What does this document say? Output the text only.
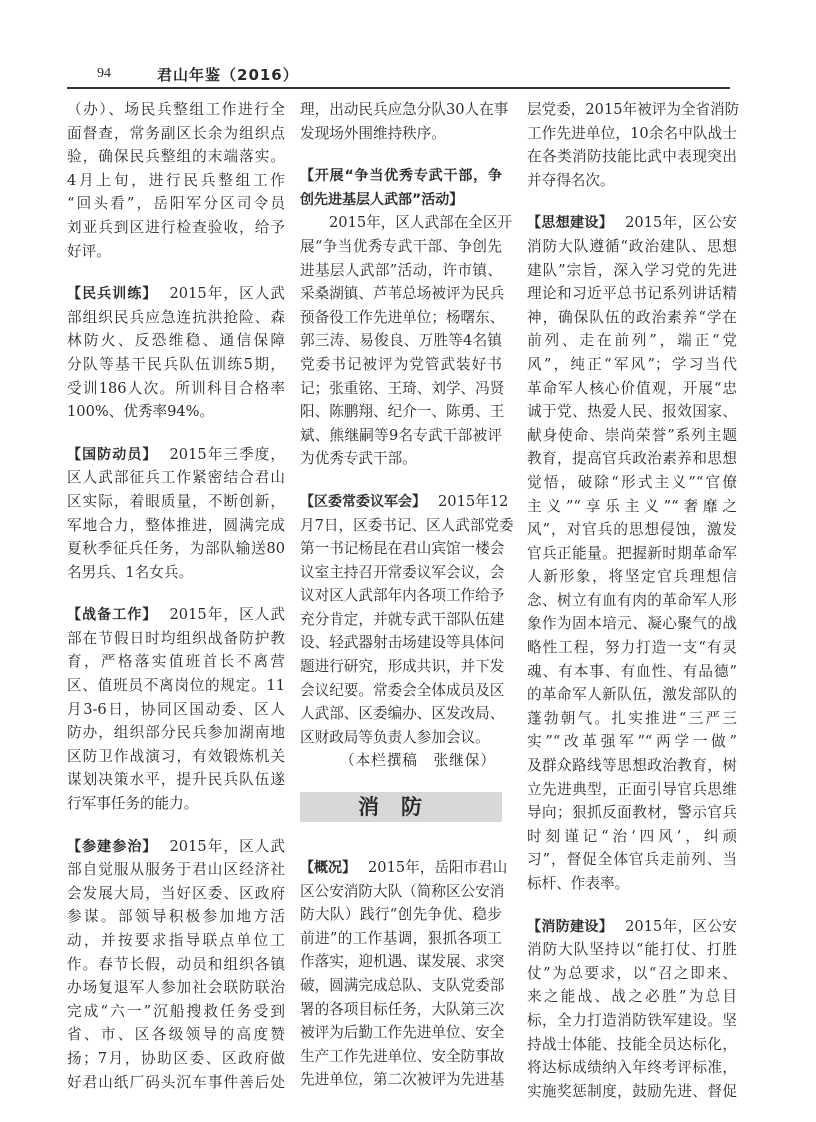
94	君山年鉴（2016）
（办）、场民兵整组工作进行全
面督查，常务副区长余为组织点
验，确保民兵整组的末端落实。
4月上旬，进行民兵整组工作
“回头看”，岳阳军分区司令员
刘亚兵到区进行检查验收，给予
好评。
【民兵训练】 2015年，区人武
部组织民兵应急连抗洪抢险、森
林防火、反恐维稳、通信保障
分队等基干民兵队伍训练5期，
受训186人次。所训科目合格率
100%、优秀率94%。
【国防动员】 2015年三季度，
区人武部征兵工作紧密结合君山
区实际，着眼质量，不断创新，
军地合力，整体推进，圆满完成
夏秋季征兵任务，为部队输送80
名男兵、1名女兵。
【战备工作】 2015年，区人武
部在节假日时均组织战备防护教
育，严格落实值班首长不离营
区、值班员不离岗位的规定。11
月3-6日，协同区国动委、区人
防办，组织部分民兵参加湖南地
区防卫作战演习，有效锻炼机关
谋划决策水平，提升民兵队伍遂
行军事任务的能力。
【参建参治】 2015年，区人武
部自觉服从服务于君山区经济社
会发展大局，当好区委、区政府
参谋。部领导积极参加地方活
动，并按要求指导联点单位工
作。春节长假，动员和组织各镇
办场复退军人参加社会联防联治
完成“六一”沉船搜救任务受到
省、市、区各级领导的高度赞
扬；7月，协助区委、区政府做
好君山纸厂码头沉车事件善后处
理，出动民兵应急分队30人在事
发现场外围维持秩序。
【开展“争当优秀专武干部，争
创先进基层人武部”活动】
2015年，区人武部在全区开
展“争当优秀专武干部、争创先
进基层人武部”活动，许市镇、
采桑湖镇、芦苇总场被评为民兵
预备役工作先进单位；杨曙东、
郭三涛、易俊良、万胜等4名镇
党委书记被评为党管武装好书
记；张重铭、王琦、刘学、冯贤
阳、陈鹏翔、纪介一、陈勇、王
斌、熊继嗣等9名专武干部被评
为优秀专武干部。
【区委常委议军会】 2015年12
月7日，区委书记、区人武部党委
第一书记杨昆在君山宾馆一楼会
议室主持召开常委议军会议，会
议对区人武部年内各项工作给予
充分肯定，并就专武干部队伍建
设、轻武器射击场建设等具体问
题进行研究，形成共识，并下发
会议纪要。常委会全体成员及区
人武部、区委编办、区发改局、
区财政局等负责人参加会议。
（本栏撰稿　张继保）
消防
【概况】 2015年，岳阳市君山
区公安消防大队（简称区公安消
防大队）践行“创先争优、稳步
前进”的工作基调，狠抓各项工
作落实，迎机遇、谋发展、求突
破，圆满完成总队、支队党委部
署的各项目标任务，大队第三次
被评为后勤工作先进单位、安全
生产工作先进单位、安全防事故
先进单位，第二次被评为先进基
层党委，2015年被评为全省消防
工作先进单位，10余名中队战士
在各类消防技能比武中表现突出
并夺得名次。
【思想建设】 2015年，区公安
消防大队遵循“政治建队、思想
建队”宗旨，深入学习党的先进
理论和习近平总书记系列讲话精
神，确保队伍的政治素养“学在
前列、走在前列”，端正“党
风”，纯正“军风”；学习当代
革命军人核心价值观，开展“忠
诚于党、热爱人民、报效国家、
献身使命、崇尚荣誉”系列主题
教育，提高官兵政治素养和思想
觉悟，破除“形式主义”“官僚
主义”“享乐主义”“奢靡之
风”，对官兵的思想侵蚀，激发
官兵正能量。把握新时期革命军
人新形象，将坚定官兵理想信
念、树立有血有肉的革命军人形
象作为固本培元、凝心聚气的战
略性工程，努力打造一支“有灵
魂、有本事、有血性、有品德”
的革命军人新队伍，激发部队的
蓬勃朝气。扎实推进“三严三
实”“改革强军”“两学一做”
及群众路线等思想政治教育，树
立先进典型，正面引导官兵思维
导向；狠抓反面教材，警示官兵
时刻谨记“治‘四风’，纠顽
习”，督促全体官兵走前列、当
标杆、作表率。
【消防建设】 2015年，区公安
消防大队坚持以“能打仗、打胜
仗”为总要求，以“召之即来、
来之能战、战之必胜”为总目
标，全力打造消防铁军建设。坚
持战士体能、技能全员达标化，
将达标成绩纳入年终考评标准，
实施奖惩制度，鼓励先进、督促
